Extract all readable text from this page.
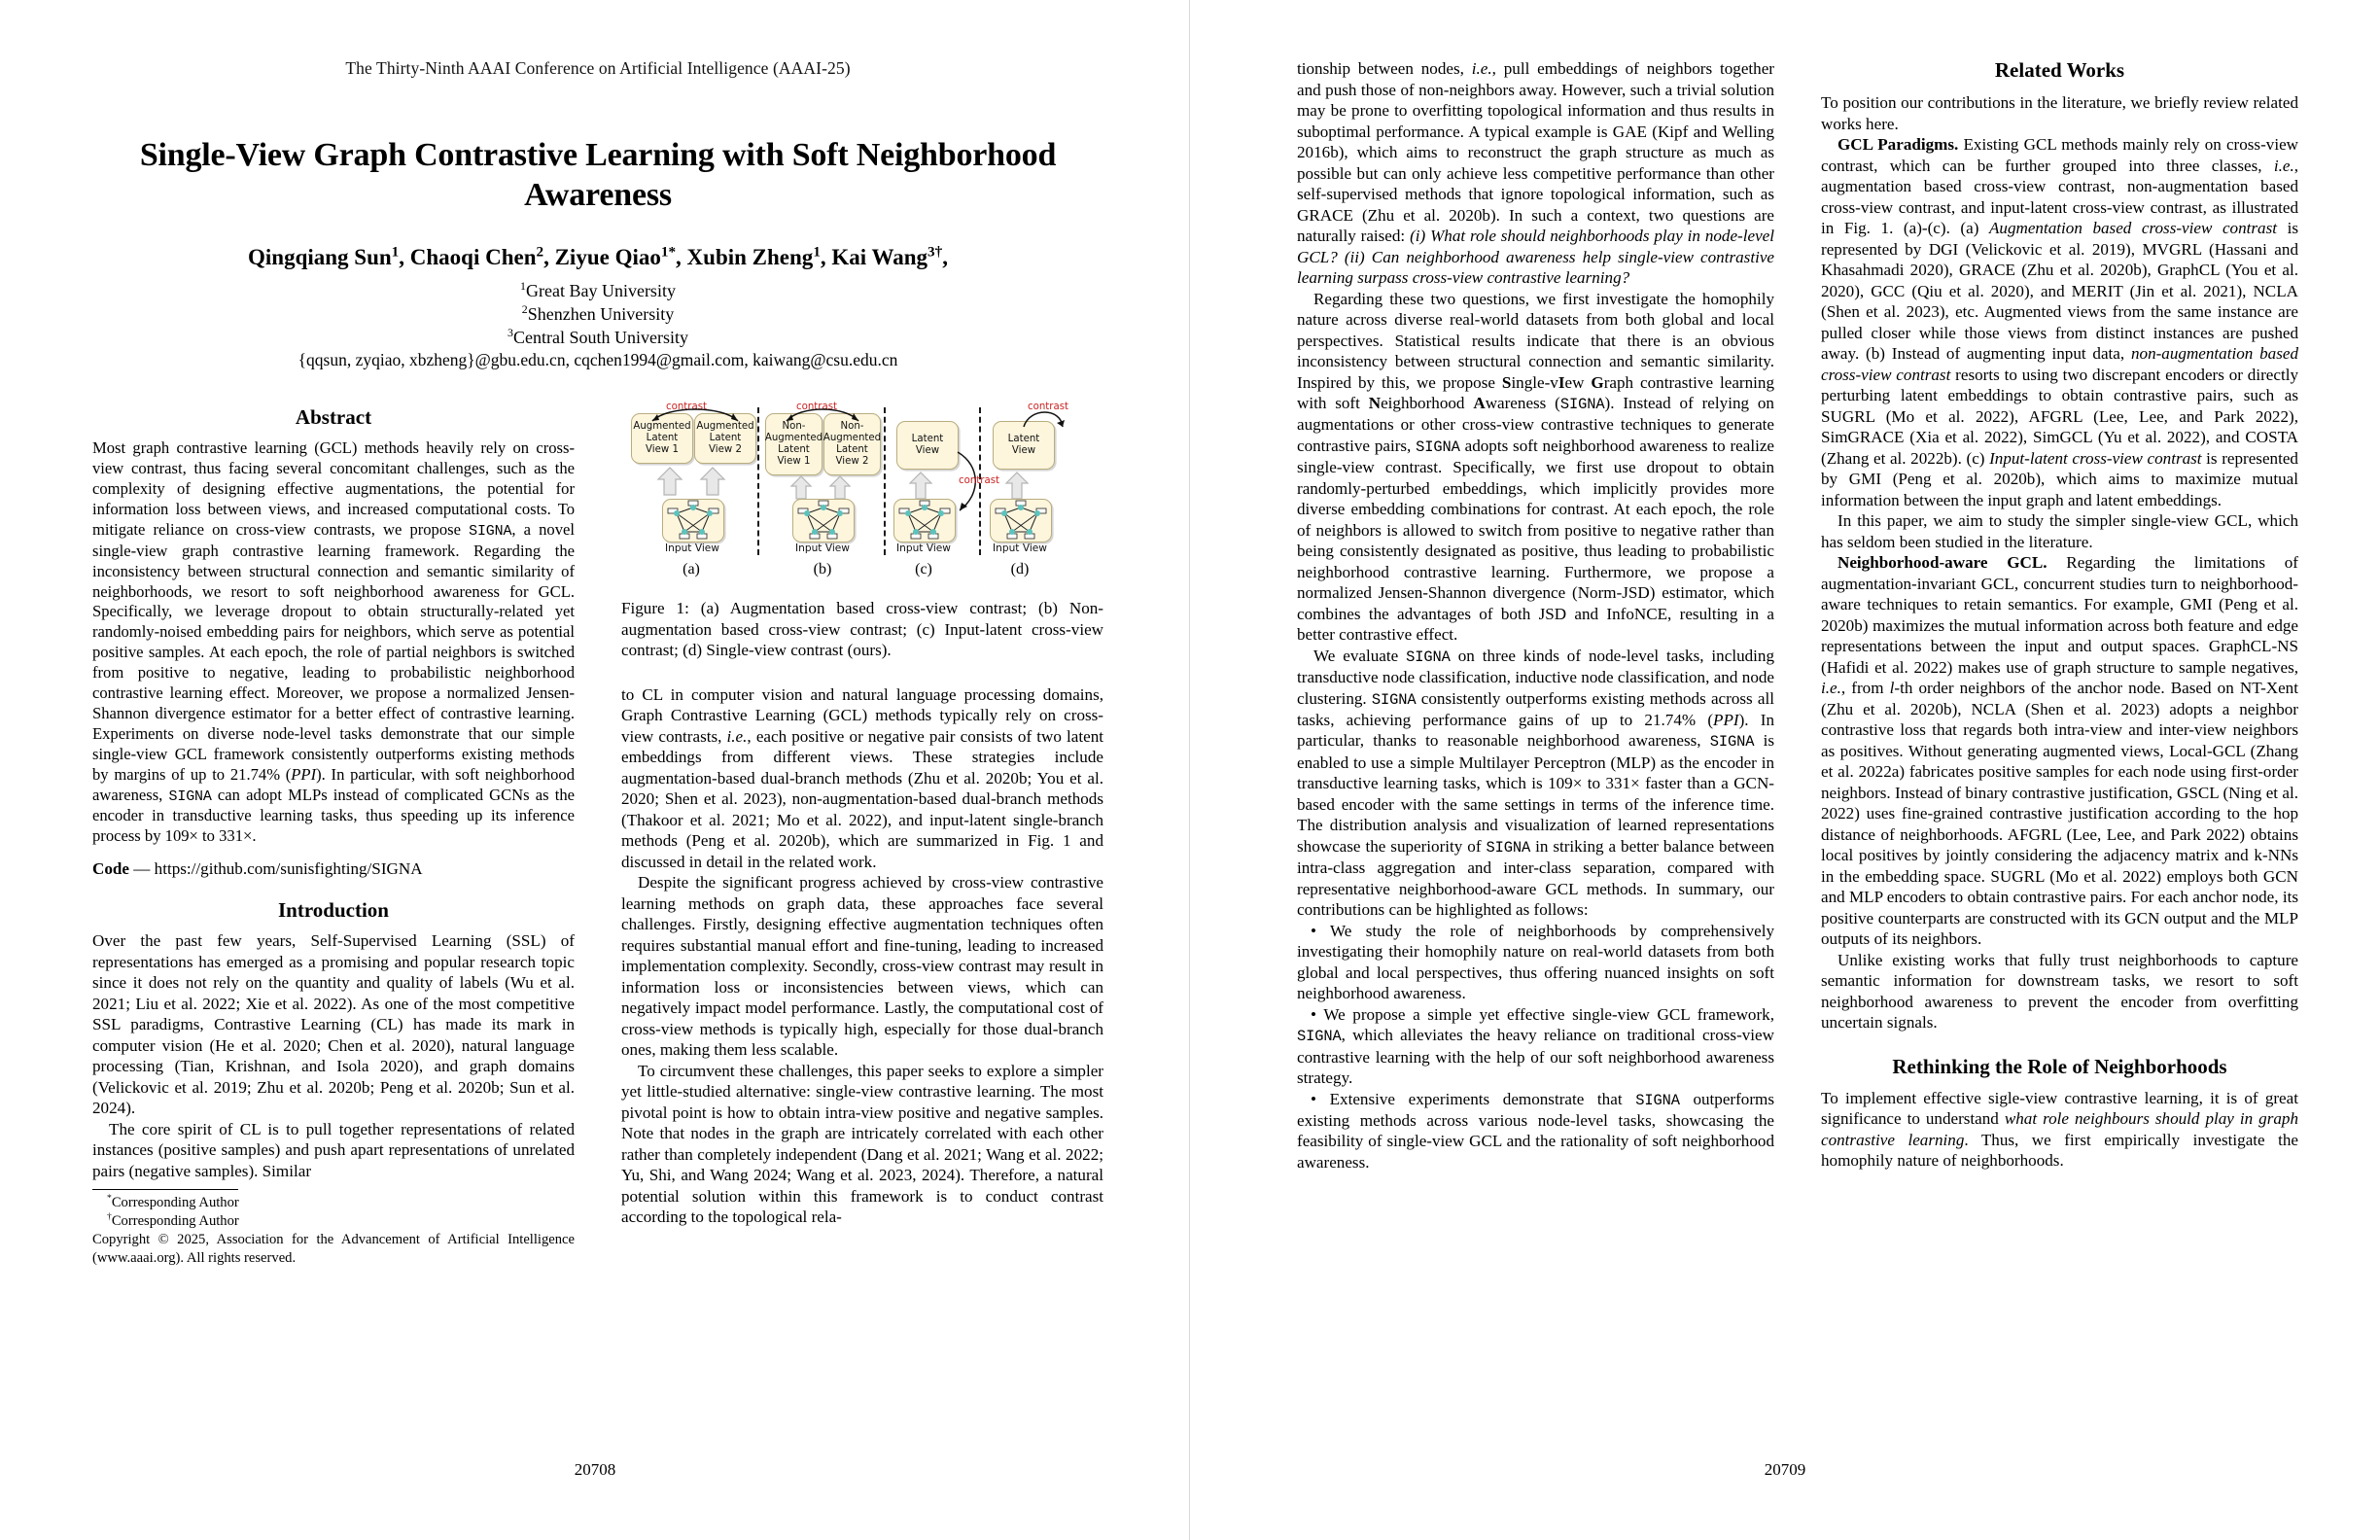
The Thirty-Ninth AAAI Conference on Artificial Intelligence (AAAI-25)
Single-View Graph Contrastive Learning with Soft Neighborhood Awareness
Qingqiang Sun$^1$, Chaoqi Chen$^2$, Ziyue Qiao$^{1*}$, Xubin Zheng$^1$, Kai Wang$^{3\dagger}$,
$^1$Great Bay University
$^2$Shenzhen University
$^3$Central South University
{qqsun, zyqiao, xbzheng}@gbu.edu.cn, cqchen1994@gmail.com, kaiwang@csu.edu.cn
Abstract

Most graph contrastive learning (GCL) methods heavily rely on cross-view contrast, thus facing several concomitant challenges, such as the complexity of designing effective augmentations, the potential for information loss between views, and increased computational costs. To mitigate reliance on cross-view contrasts, we propose SIGNA, a novel single-view graph contrastive learning framework. Regarding the inconsistency between structural connection and semantic similarity of neighborhoods, we resort to soft neighborhood awareness for GCL. Specifically, we leverage dropout to obtain structurally-related yet randomly-noised embedding pairs for neighbors, which serve as potential positive samples. At each epoch, the role of partial neighbors is switched from positive to negative, leading to probabilistic neighborhood contrastive learning effect. Moreover, we propose a normalized Jensen-Shannon divergence estimator for a better effect of contrastive learning. Experiments on diverse node-level tasks demonstrate that our simple single-view GCL framework consistently outperforms existing methods by margins of up to 21.74% (PPI). In particular, with soft neighborhood awareness, SIGNA can adopt MLPs instead of complicated GCNs as the encoder in transductive learning tasks, thus speeding up its inference process by 109× to 331×.

Code — https://github.com/sunisfighting/SIGNA
Introduction

Over the past few years, Self-Supervised Learning (SSL) of representations has emerged as a promising and popular research topic since it does not rely on the quantity and quality of labels (Wu et al. 2021; Liu et al. 2022; Xie et al. 2022). As one of the most competitive SSL paradigms, Contrastive Learning (CL) has made its mark in computer vision (He et al. 2020; Chen et al. 2020), natural language processing (Tian, Krishnan, and Isola 2020), and graph domains (Velickovic et al. 2019; Zhu et al. 2020b; Peng et al. 2020b; Sun et al. 2024).

The core spirit of CL is to pull together representations of related instances (positive samples) and push apart representations of unrelated pairs (negative samples). Similar

*Corresponding Author

†Corresponding Author

Copyright © 2025, Association for the Advancement of Artificial Intelligence (www.aaai.org). All rights reserved.

Augmented
Latent
View 1
Augmented
Latent
View 2
contrast
Input View
Non-
Augmented
Latent
View 1
Non-
Augmented
Latent
View 2
contrast
Input View
Latent
View
contrast
Input View
Latent
View
contrast
Input View
(a)	(b)	(c)	(d)

Figure 1: (a) Augmentation based cross-view contrast; (b) Non-augmentation based cross-view contrast; (c) Input-latent cross-view contrast; (d) Single-view contrast (ours).

to CL in computer vision and natural language processing domains, Graph Contrastive Learning (GCL) methods typically rely on cross-view contrasts, i.e., each positive or negative pair consists of two latent embeddings from different views. These strategies include augmentation-based dual-branch methods (Zhu et al. 2020b; You et al. 2020; Shen et al. 2023), non-augmentation-based dual-branch methods (Thakoor et al. 2021; Mo et al. 2022), and input-latent single-branch methods (Peng et al. 2020b), which are summarized in Fig. 1 and discussed in detail in the related work.

Despite the significant progress achieved by cross-view contrastive learning methods on graph data, these approaches face several challenges. Firstly, designing effective augmentation techniques often requires substantial manual effort and fine-tuning, leading to increased implementation complexity. Secondly, cross-view contrast may result in information loss or inconsistencies between views, which can negatively impact model performance. Lastly, the computational cost of cross-view methods is typically high, especially for those dual-branch ones, making them less scalable.

To circumvent these challenges, this paper seeks to explore a simpler yet little-studied alternative: single-view contrastive learning. The most pivotal point is how to obtain intra-view positive and negative samples. Note that nodes in the graph are intricately correlated with each other rather than completely independent (Dang et al. 2021; Wang et al. 2022; Yu, Shi, and Wang 2024; Wang et al. 2023, 2024). Therefore, a natural potential solution within this framework is to conduct contrast according to the topological rela-

20708

tionship between nodes, i.e., pull embeddings of neighbors together and push those of non-neighbors away. However, such a trivial solution may be prone to overfitting topological information and thus results in suboptimal performance. A typical example is GAE (Kipf and Welling 2016b), which aims to reconstruct the graph structure as much as possible but can only achieve less competitive performance than other self-supervised methods that ignore topological information, such as GRACE (Zhu et al. 2020b). In such a context, two questions are naturally raised: (i) What role should neighborhoods play in node-level GCL? (ii) Can neighborhood awareness help single-view contrastive learning surpass cross-view contrastive learning?

Regarding these two questions, we first investigate the homophily nature across diverse real-world datasets from both global and local perspectives. Statistical results indicate that there is an obvious inconsistency between structural connection and semantic similarity. Inspired by this, we propose Single-vIew Graph contrastive learning with soft Neighborhood Awareness (SIGNA). Instead of relying on augmentations or other cross-view contrastive techniques to generate contrastive pairs, SIGNA adopts soft neighborhood awareness to realize single-view contrast. Specifically, we first use dropout to obtain randomly-perturbed embeddings, which implicitly provides more diverse embedding combinations for contrast. At each epoch, the role of neighbors is allowed to switch from positive to negative rather than being consistently designated as positive, thus leading to probabilistic neighborhood contrastive learning. Furthermore, we propose a normalized Jensen-Shannon divergence (Norm-JSD) estimator, which combines the advantages of both JSD and InfoNCE, resulting in a better contrastive effect.

We evaluate SIGNA on three kinds of node-level tasks, including transductive node classification, inductive node classification, and node clustering. SIGNA consistently outperforms existing methods across all tasks, achieving performance gains of up to 21.74% (PPI). In particular, thanks to reasonable neighborhood awareness, SIGNA is enabled to use a simple Multilayer Perceptron (MLP) as the encoder in transductive learning tasks, which is 109× to 331× faster than a GCN-based encoder with the same settings in terms of the inference time. The distribution analysis and visualization of learned representations showcase the superiority of SIGNA in striking a better balance between intra-class aggregation and inter-class separation, compared with representative neighborhood-aware GCL methods. In summary, our contributions can be highlighted as follows:

• We study the role of neighborhoods by comprehensively investigating their homophily nature on real-world datasets from both global and local perspectives, thus offering nuanced insights on soft neighborhood awareness.

• We propose a simple yet effective single-view GCL framework, SIGNA, which alleviates the heavy reliance on traditional cross-view contrastive learning with the help of our soft neighborhood awareness strategy.

• Extensive experiments demonstrate that SIGNA outperforms existing methods across various node-level tasks, showcasing the feasibility of single-view GCL and the rationality of soft neighborhood awareness.

Related Works

To position our contributions in the literature, we briefly review related works here.

GCL Paradigms. Existing GCL methods mainly rely on cross-view contrast, which can be further grouped into three classes, i.e., augmentation based cross-view contrast, non-augmentation based cross-view contrast, and input-latent cross-view contrast, as illustrated in Fig. 1. (a)-(c). (a) Augmentation based cross-view contrast is represented by DGI (Velickovic et al. 2019), MVGRL (Hassani and Khasahmadi 2020), GRACE (Zhu et al. 2020b), GraphCL (You et al. 2020), GCC (Qiu et al. 2020), and MERIT (Jin et al. 2021), NCLA (Shen et al. 2023), etc. Augmented views from the same instance are pulled closer while those views from distinct instances are pushed away. (b) Instead of augmenting input data, non-augmentation based cross-view contrast resorts to using two discrepant encoders or directly perturbing latent embeddings to obtain contrastive pairs, such as SUGRL (Mo et al. 2022), AFGRL (Lee, Lee, and Park 2022), SimGRACE (Xia et al. 2022), SimGCL (Yu et al. 2022), and COSTA (Zhang et al. 2022b). (c) Input-latent cross-view contrast is represented by GMI (Peng et al. 2020b), which aims to maximize mutual information between the input graph and latent embeddings.

In this paper, we aim to study the simpler single-view GCL, which has seldom been studied in the literature.

Neighborhood-aware GCL. Regarding the limitations of augmentation-invariant GCL, concurrent studies turn to neighborhood-aware techniques to retain semantics. For example, GMI (Peng et al. 2020b) maximizes the mutual information across both feature and edge representations between the input and output spaces. GraphCL-NS (Hafidi et al. 2022) makes use of graph structure to sample negatives, i.e., from l-th order neighbors of the anchor node. Based on NT-Xent (Zhu et al. 2020b), NCLA (Shen et al. 2023) adopts a neighbor contrastive loss that regards both intra-view and inter-view neighbors as positives. Without generating augmented views, Local-GCL (Zhang et al. 2022a) fabricates positive samples for each node using first-order neighbors. Instead of binary contrastive justification, GSCL (Ning et al. 2022) uses fine-grained contrastive justification according to the hop distance of neighborhoods. AFGRL (Lee, Lee, and Park 2022) obtains local positives by jointly considering the adjacency matrix and k-NNs in the embedding space. SUGRL (Mo et al. 2022) employs both GCN and MLP encoders to obtain contrastive pairs. For each anchor node, its positive counterparts are constructed with its GCN output and the MLP outputs of its neighbors.

Unlike existing works that fully trust neighborhoods to capture semantic information for downstream tasks, we resort to soft neighborhood awareness to prevent the encoder from overfitting uncertain signals.

Rethinking the Role of Neighborhoods

To implement effective sigle-view contrastive learning, it is of great significance to understand what role neighbours should play in graph contrastive learning. Thus, we first empirically investigate the homophily nature of neighborhoods.

20709
